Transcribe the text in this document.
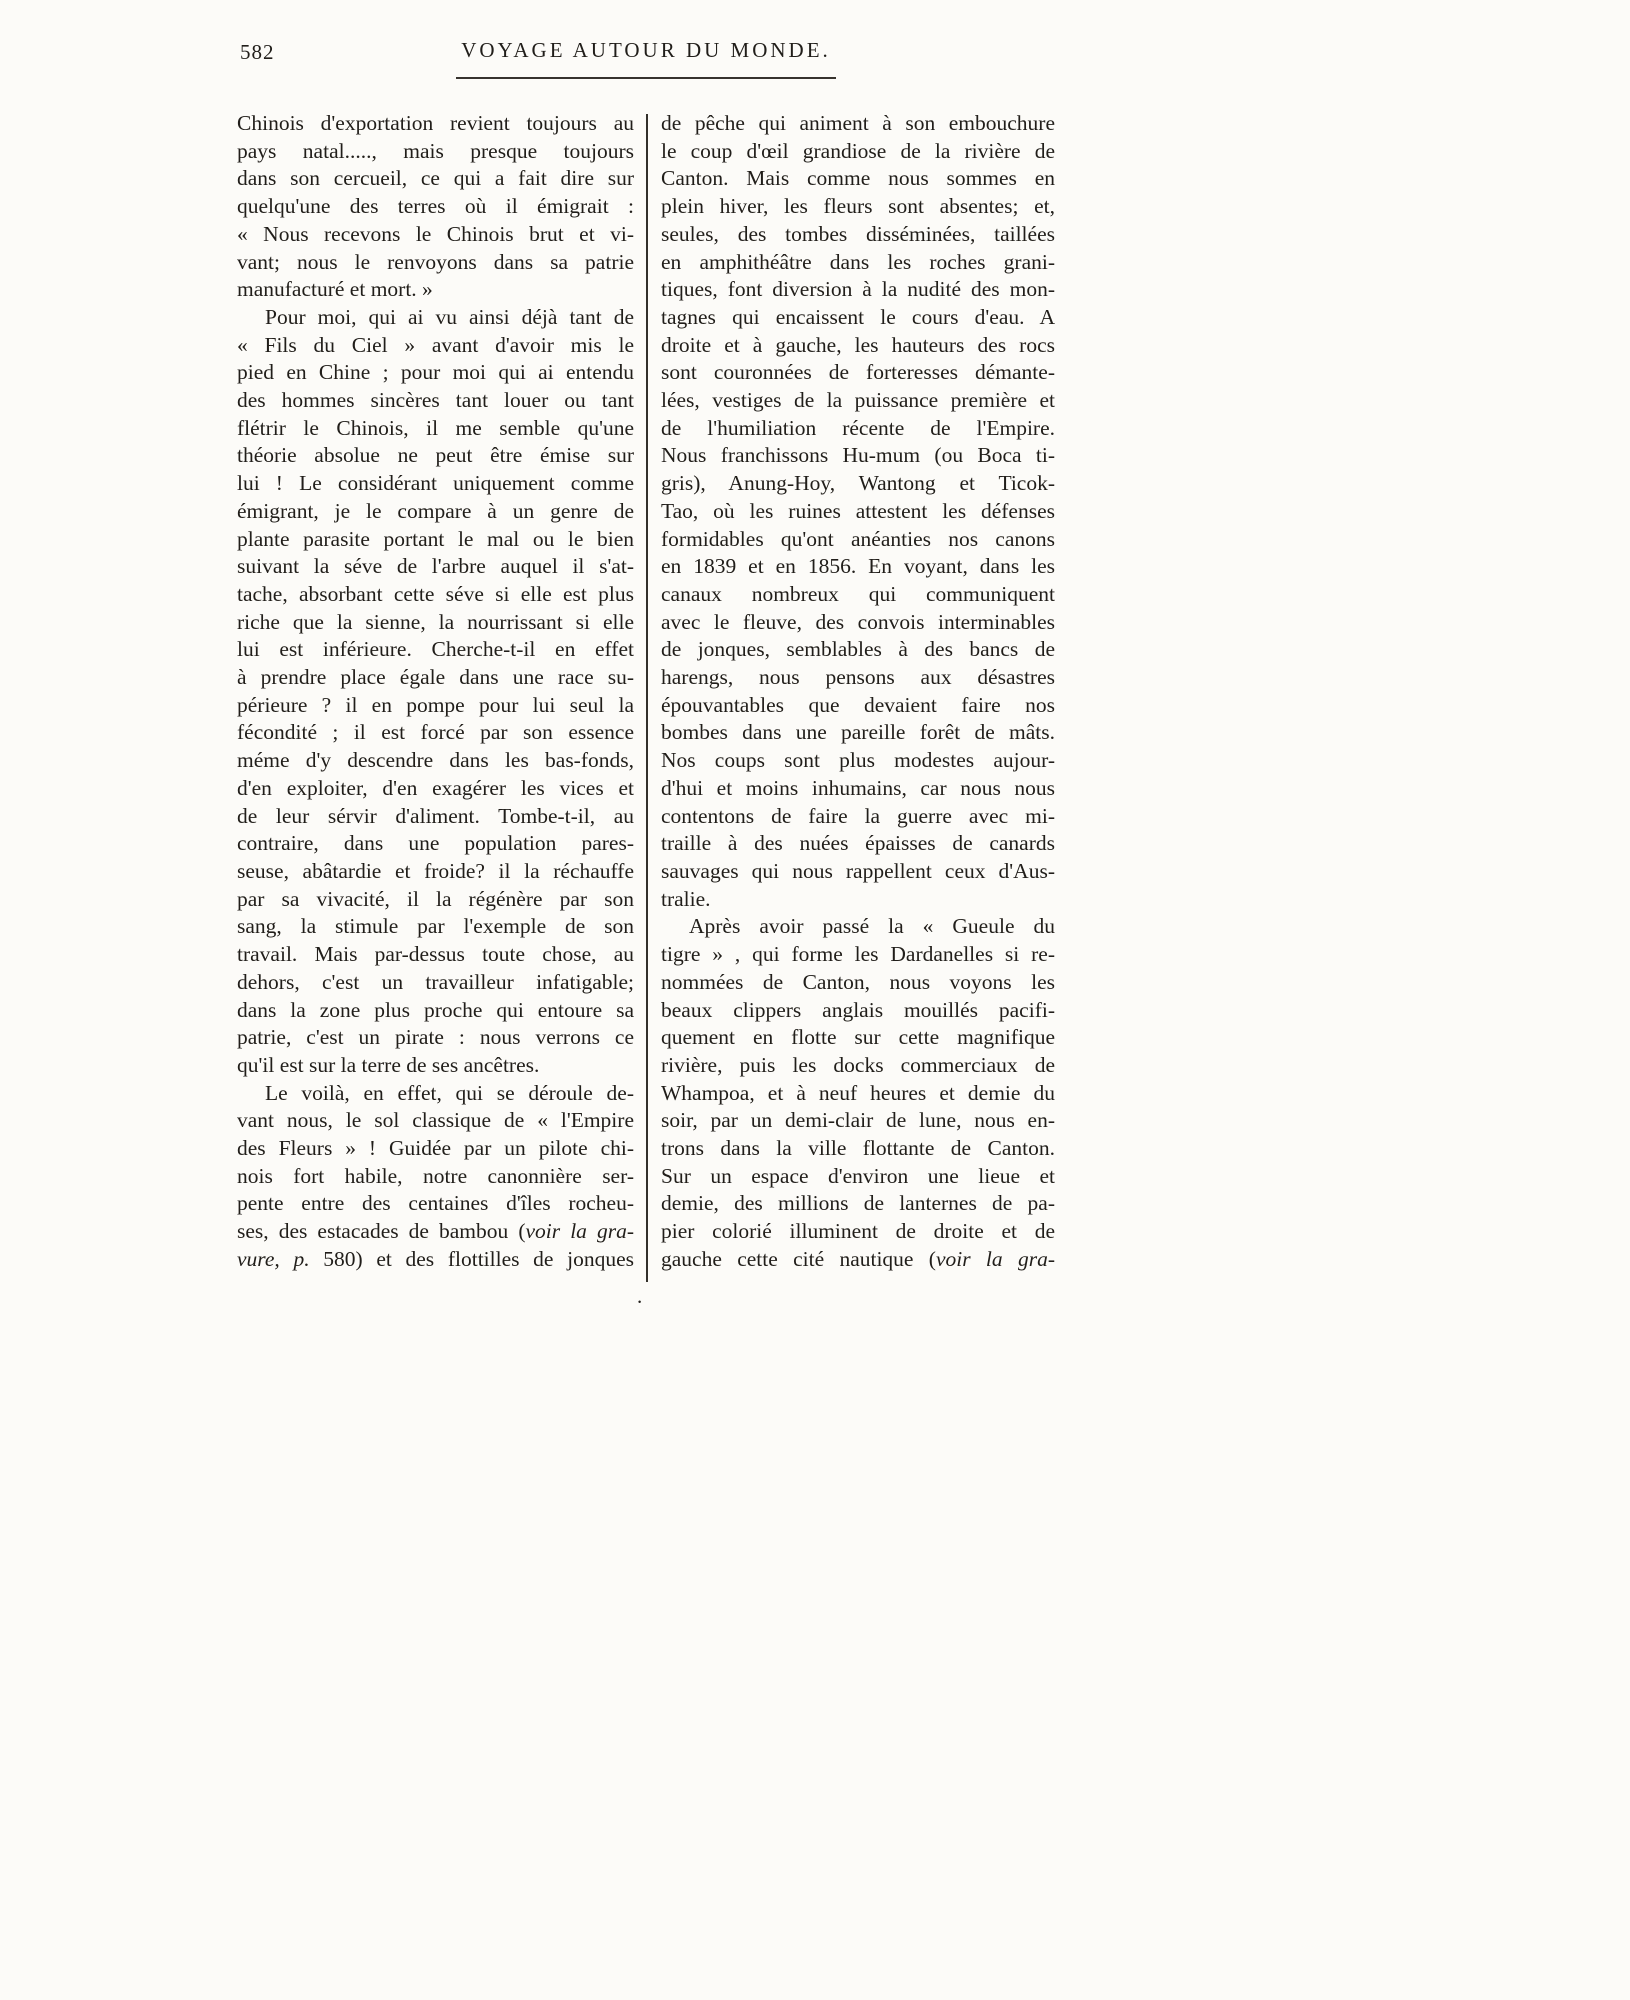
582	VOYAGE AUTOUR DU MONDE.
Chinois d'exportation revient toujours au
pays natal....., mais presque toujours
dans son cercueil, ce qui a fait dire sur
quelqu'une des terres où il émigrait :
« Nous recevons le Chinois brut et vi-
vant; nous le renvoyons dans sa patrie
manufacturé et mort. »
Pour moi, qui ai vu ainsi déjà tant de
« Fils du Ciel » avant d'avoir mis le
pied en Chine ; pour moi qui ai entendu
des hommes sincères tant louer ou tant
flétrir le Chinois, il me semble qu'une
théorie absolue ne peut être émise sur
lui ! Le considérant uniquement comme
émigrant, je le compare à un genre de
plante parasite portant le mal ou le bien
suivant la séve de l'arbre auquel il s'at-
tache, absorbant cette séve si elle est plus
riche que la sienne, la nourrissant si elle
lui est inférieure. Cherche-t-il en effet
à prendre place égale dans une race su-
périeure ? il en pompe pour lui seul la
fécondité ; il est forcé par son essence
méme d'y descendre dans les bas-fonds,
d'en exploiter, d'en exagérer les vices et
de leur sérvir d'aliment. Tombe-t-il, au
contraire, dans une population pares-
seuse, abâtardie et froide? il la réchauffe
par sa vivacité, il la régénère par son
sang, la stimule par l'exemple de son
travail. Mais par-dessus toute chose, au
dehors, c'est un travailleur infatigable;
dans la zone plus proche qui entoure sa
patrie, c'est un pirate : nous verrons ce
qu'il est sur la terre de ses ancêtres.
Le voilà, en effet, qui se déroule de-
vant nous, le sol classique de « l'Empire
des Fleurs » ! Guidée par un pilote chi-
nois fort habile, notre canonnière ser-
pente entre des centaines d'îles rocheu-
ses, des estacades de bambou (voir la gra-
vure, p. 580) et des flottilles de jonques
de pêche qui animent à son embouchure
le coup d'œil grandiose de la rivière de
Canton. Mais comme nous sommes en
plein hiver, les fleurs sont absentes; et,
seules, des tombes disséminées, taillées
en amphithéâtre dans les roches grani-
tiques, font diversion à la nudité des mon-
tagnes qui encaissent le cours d'eau. A
droite et à gauche, les hauteurs des rocs
sont couronnées de forteresses démante-
lées, vestiges de la puissance première et
de l'humiliation récente de l'Empire.
Nous franchissons Hu-mum (ou Boca ti-
gris), Anung-Hoy, Wantong et Ticok-
Tao, où les ruines attestent les défenses
formidables qu'ont anéanties nos canons
en 1839 et en 1856. En voyant, dans les
canaux nombreux qui communiquent
avec le fleuve, des convois interminables
de jonques, semblables à des bancs de
harengs, nous pensons aux désastres
épouvantables que devaient faire nos
bombes dans une pareille forêt de mâts.
Nos coups sont plus modestes aujour-
d'hui et moins inhumains, car nous nous
contentons de faire la guerre avec mi-
traille à des nuées épaisses de canards
sauvages qui nous rappellent ceux d'Aus-
tralie.
Après avoir passé la « Gueule du
tigre » , qui forme les Dardanelles si re-
nommées de Canton, nous voyons les
beaux clippers anglais mouillés pacifi-
quement en flotte sur cette magnifique
rivière, puis les docks commerciaux de
Whampoa, et à neuf heures et demie du
soir, par un demi-clair de lune, nous en-
trons dans la ville flottante de Canton.
Sur un espace d'environ une lieue et
demie, des millions de lanternes de pa-
pier colorié illuminent de droite et de
gauche cette cité nautique (voir la gra-
.
